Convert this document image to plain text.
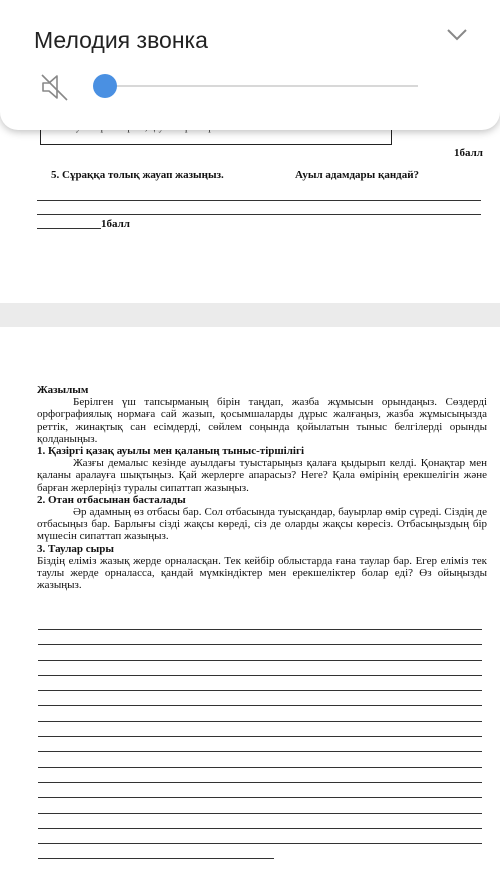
1балл
5. Сұраққа толық жауап жазыңыз.	Ауыл адамдары қандай?
1балл
Мелодия звонка
Жазылым
Берілген үш тапсырманың бірін таңдап, жазба жұмысын орындаңыз. Сөздерді орфографиялық нормаға сай жазып, қосымшаларды дұрыс жалғаңыз, жазба жұмысыңызда реттік, жинақтық сан есімдерді, сөйлем соңында қойылатын тыныс белгілерді орынды қолданыңыз.
1. Қазіргі қазақ ауылы мен қаланың тыныс-тіршілігі
Жазғы демалыс кезінде ауылдағы туыстарыңыз қалаға қыдырып келді. Қонақтар мен қаланы аралауға шықтыңыз. Қай жерлерге апарасыз? Неге? Қала өмірінің ерекшелігін және барған жерлеріңіз туралы сипаттап жазыңыз.
2. Отан отбасынан басталады
Әр адамның өз отбасы бар. Сол отбасында туысқандар, бауырлар өмір сүреді. Сіздің де отбасыңыз бар. Барлығы сізді жақсы көреді, сіз де оларды жақсы көресіз. Отбасыңыздың бір мүшесін сипаттап жазыңыз.
3. Таулар сыры
Біздің еліміз жазық жерде орналасқан. Тек кейбір облыстарда ғана таулар бар. Егер еліміз тек таулы жерде орналасса, қандай мүмкіндіктер мен ерекшеліктер болар еді? Өз ойыңызды жазыңыз.
